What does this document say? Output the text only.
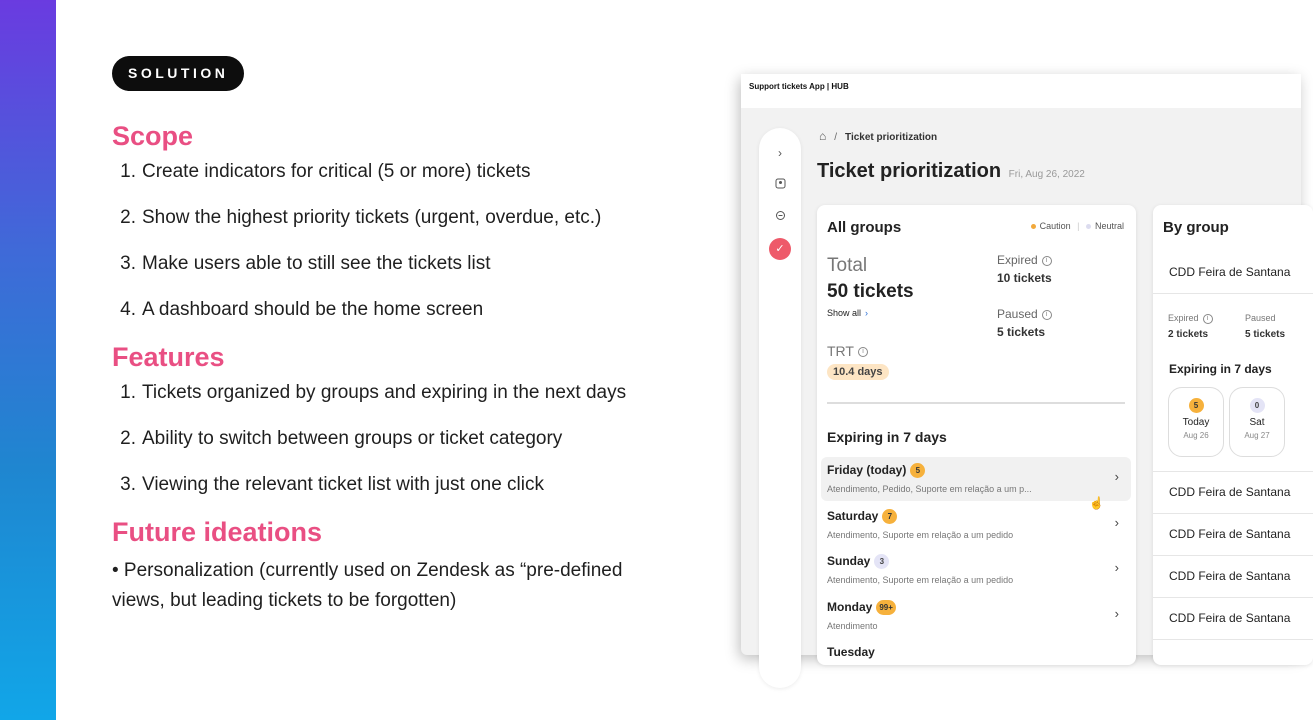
SOLUTION
Scope
1. Create indicators for critical (5 or more) tickets
2. Show the highest priority tickets (urgent, overdue, etc.)
3. Make users able to still see the tickets list
4. A dashboard should be the home screen
Features
1. Tickets organized by groups and expiring in the next days
2. Ability to switch between groups or ticket category
3. Viewing the relevant ticket list with just one click
Future ideations
• Personalization (currently used on Zendesk as “pre-defined views, but leading tickets to be forgotten)
Support tickets App | HUB
›
✓
⌂ / Ticket prioritization
Ticket prioritization Fri, Aug 26, 2022
All groups	Caution | Neutral
Total
50 tickets
Show all ›
Expired i
10 tickets
Paused i
5 tickets
TRT i
10.4 days
Expiring in 7 days
Friday (today) 5
Atendimento, Pedido, Suporte em relação a um p...
›
Saturday 7
Atendimento, Suporte em relação a um pedido
›
Sunday 3
Atendimento, Suporte em relação a um pedido
›
Monday 99+
Atendimento
›
Tuesday
☝
By group
CDD Feira de Santana
Expired i
2 tickets
Paused
5 tickets
Expiring in 7 days
5
Today
Aug 26
0
Sat
Aug 27
CDD Feira de Santana
CDD Feira de Santana
CDD Feira de Santana
CDD Feira de Santana
